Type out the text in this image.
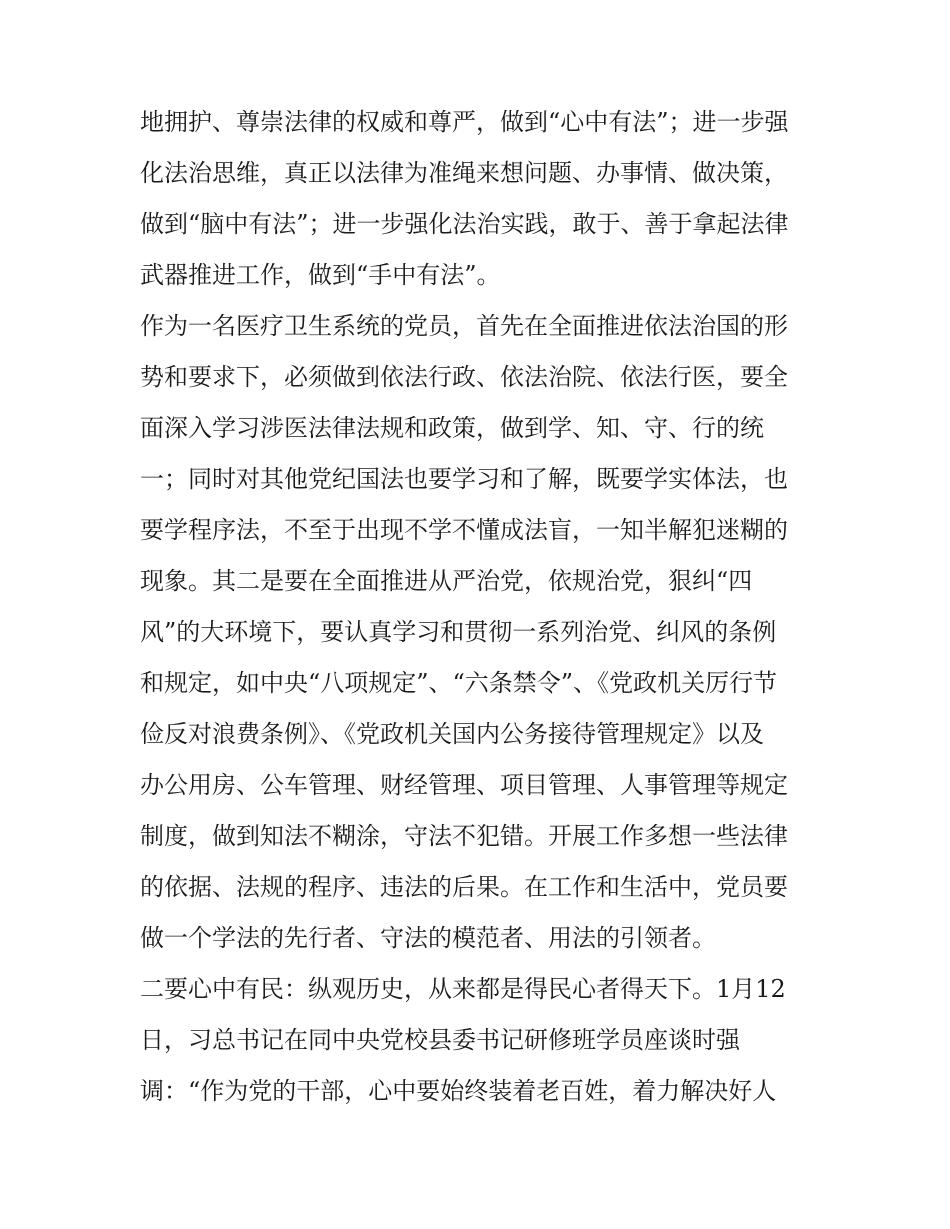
地拥护、尊崇法律的权威和尊严，做到“心中有法”；进一步强
化法治思维，真正以法律为准绳来想问题、办事情、做决策，
做到“脑中有法”；进一步强化法治实践，敢于、善于拿起法律
武器推进工作，做到“手中有法”。
作为一名医疗卫生系统的党员，首先在全面推进依法治国的形
势和要求下，必须做到依法行政、依法治院、依法行医，要全
面深入学习涉医法律法规和政策，做到学、知、守、行的统
一；同时对其他党纪国法也要学习和了解，既要学实体法，也
要学程序法，不至于出现不学不懂成法盲，一知半解犯迷糊的
现象。其二是要在全面推进从严治党，依规治党，狠纠“四
风”的大环境下，要认真学习和贯彻一系列治党、纠风的条例
和规定，如中央“八项规定”、“六条禁令”、《党政机关厉行节
俭反对浪费条例》、《党政机关国内公务接待管理规定》以及
办公用房、公车管理、财经管理、项目管理、人事管理等规定
制度，做到知法不糊涂，守法不犯错。开展工作多想一些法律
的依据、法规的程序、违法的后果。在工作和生活中，党员要
做一个学法的先行者、守法的模范者、用法的引领者。
二要心中有民：纵观历史，从来都是得民心者得天下。1月12
日，习总书记在同中央党校县委书记研修班学员座谈时强
调：“作为党的干部，心中要始终装着老百姓，着力解决好人
